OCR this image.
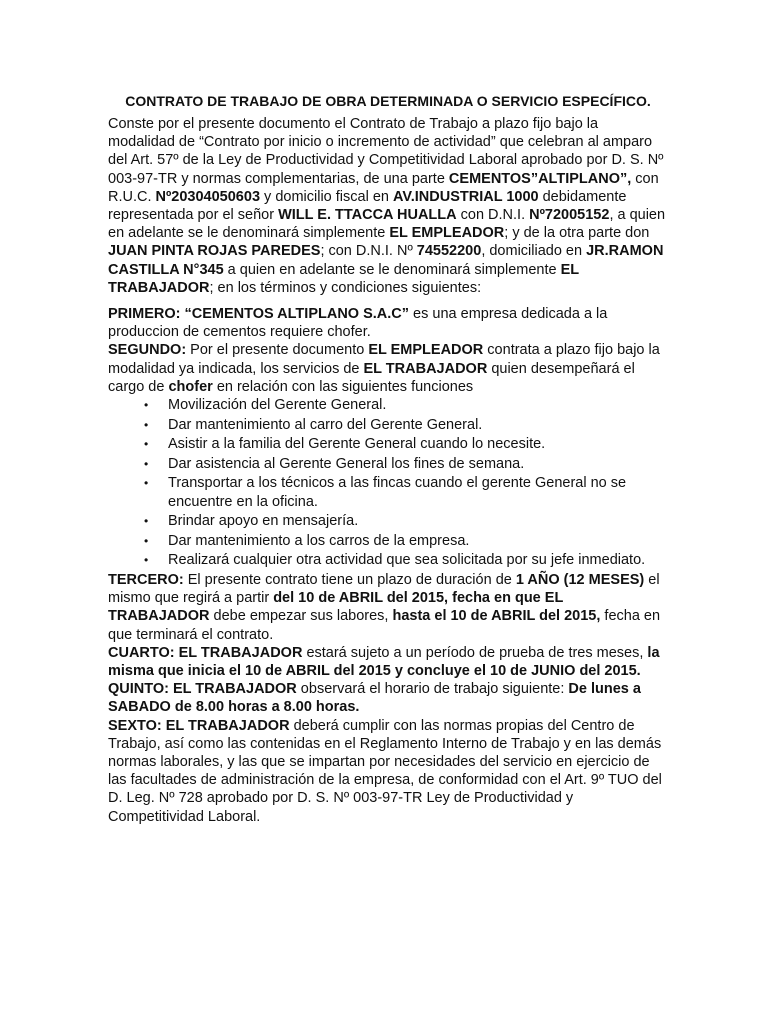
CONTRATO DE TRABAJO DE OBRA DETERMINADA O SERVICIO ESPECÍFICO.

Conste por el presente documento el Contrato de Trabajo a plazo fijo bajo la modalidad de “Contrato por inicio o incremento de actividad” que celebran al amparo del Art. 57º de la Ley de Productividad y Competitividad Laboral aprobado por D. S. Nº 003-97-TR y normas complementarias, de una parte CEMENTOS”ALTIPLANO”, con R.U.C. Nº20304050603 y domicilio fiscal en AV.INDUSTRIAL 1000 debidamente representada por el señor WILL E. TTACCA HUALLA con D.N.I. Nº72005152, a quien en adelante se le denominará simplemente EL EMPLEADOR; y de la otra parte don JUAN PINTA ROJAS PAREDES; con D.N.I. Nº 74552200, domiciliado en JR.RAMON CASTILLA N°345 a quien en adelante se le denominará simplemente EL TRABAJADOR; en los términos y condiciones siguientes:

PRIMERO: “CEMENTOS ALTIPLANO S.A.C” es una empresa dedicada a la produccion de cementos requiere chofer.

SEGUNDO: Por el presente documento EL EMPLEADOR contrata a plazo fijo bajo la modalidad ya indicada, los servicios de EL TRABAJADOR quien desempeñará el cargo de chofer en relación con las siguientes funciones

• Movilización del Gerente General.
• Dar mantenimiento al carro del Gerente General.
• Asistir a la familia del Gerente General cuando lo necesite.
• Dar asistencia al Gerente General los fines de semana.
• Transportar a los técnicos a las fincas cuando el gerente General no se encuentre en la oficina.
• Brindar apoyo en mensajería.
• Dar mantenimiento a los carros de la empresa.
• Realizará cualquier otra actividad que sea solicitada por su jefe inmediato.

TERCERO: El presente contrato tiene un plazo de duración de 1 AÑO (12 MESES) el mismo que regirá a partir del 10 de ABRIL del 2015, fecha en que EL TRABAJADOR debe empezar sus labores, hasta el 10 de ABRIL del 2015, fecha en que terminará el contrato.

CUARTO: EL TRABAJADOR estará sujeto a un período de prueba de tres meses, la misma que inicia el 10 de ABRIL del 2015 y concluye el 10 de JUNIO del 2015.

QUINTO: EL TRABAJADOR observará el horario de trabajo siguiente: De lunes a SABADO de 8.00 horas a 8.00 horas.

SEXTO: EL TRABAJADOR deberá cumplir con las normas propias del Centro de Trabajo, así como las contenidas en el Reglamento Interno de Trabajo y en las demás normas laborales, y las que se impartan por necesidades del servicio en ejercicio de las facultades de administración de la empresa, de conformidad con el Art. 9º TUO del D. Leg. Nº 728 aprobado por D. S. Nº 003-97-TR Ley de Productividad y Competitividad Laboral.
